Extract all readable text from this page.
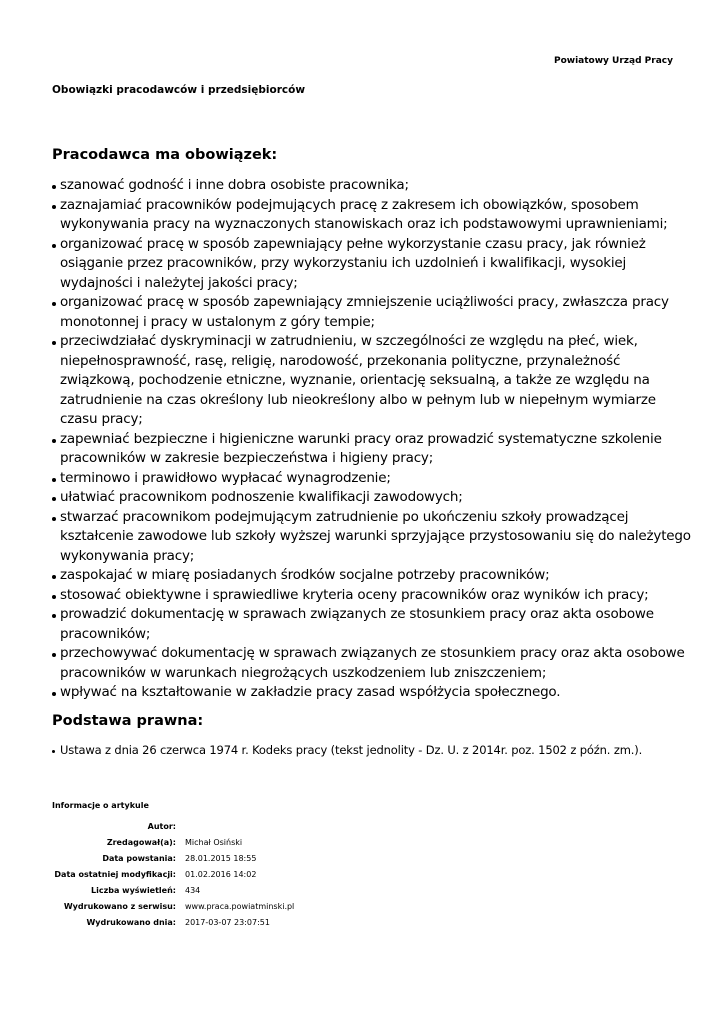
Powiatowy Urząd Pracy
Obowiązki pracodawców i przedsiębiorców
Pracodawca ma obowiązek:
szanować godność i inne dobra osobiste pracownika;
zaznajamiać pracowników podejmujących pracę z zakresem ich obowiązków, sposobem wykonywania pracy na wyznaczonych stanowiskach oraz ich podstawowymi uprawnieniami;
organizować pracę w sposób zapewniający pełne wykorzystanie czasu pracy, jak również osiąganie przez pracowników, przy wykorzystaniu ich uzdolnień i kwalifikacji, wysokiej wydajności i należytej jakości pracy;
organizować pracę w sposób zapewniający zmniejszenie uciążliwości pracy, zwłaszcza pracy monotonnej i pracy w ustalonym z góry tempie;
przeciwdziałać dyskryminacji w zatrudnieniu, w szczególności ze względu na płeć, wiek, niepełnosprawność, rasę, religię, narodowość, przekonania polityczne, przynależność związkową, pochodzenie etniczne, wyznanie, orientację seksualną, a także ze względu na zatrudnienie na czas określony lub nieokreślony albo w pełnym lub w niepełnym wymiarze czasu pracy;
zapewniać bezpieczne i higieniczne warunki pracy oraz prowadzić systematyczne szkolenie pracowników w zakresie bezpieczeństwa i higieny pracy;
terminowo i prawidłowo wypłacać wynagrodzenie;
ułatwiać pracownikom podnoszenie kwalifikacji zawodowych;
stwarzać pracownikom podejmującym zatrudnienie po ukończeniu szkoły prowadzącej kształcenie zawodowe lub szkoły wyższej warunki sprzyjające przystosowaniu się do należytego wykonywania pracy;
zaspokajać w miarę posiadanych środków socjalne potrzeby pracowników;
stosować obiektywne i sprawiedliwe kryteria oceny pracowników oraz wyników ich pracy;
prowadzić dokumentację w sprawach związanych ze stosunkiem pracy oraz akta osobowe pracowników;
przechowywać dokumentację w sprawach związanych ze stosunkiem pracy oraz akta osobowe pracowników w warunkach niegrożących uszkodzeniem lub zniszczeniem;
wpływać na kształtowanie w zakładzie pracy zasad współżycia społecznego.
Podstawa prawna:
Ustawa z dnia 26 czerwca 1974 r. Kodeks pracy (tekst jednolity - Dz. U. z 2014r. poz. 1502 z późn. zm.).
Informacje o artykule
Autor:	
Zredagował(a):	Michał Osiński
Data powstania:	28.01.2015 18:55
Data ostatniej modyfikacji:	01.02.2016 14:02
Liczba wyświetleń:	434
Wydrukowano z serwisu:	www.praca.powiatminski.pl
Wydrukowano dnia:	2017-03-07 23:07:51
